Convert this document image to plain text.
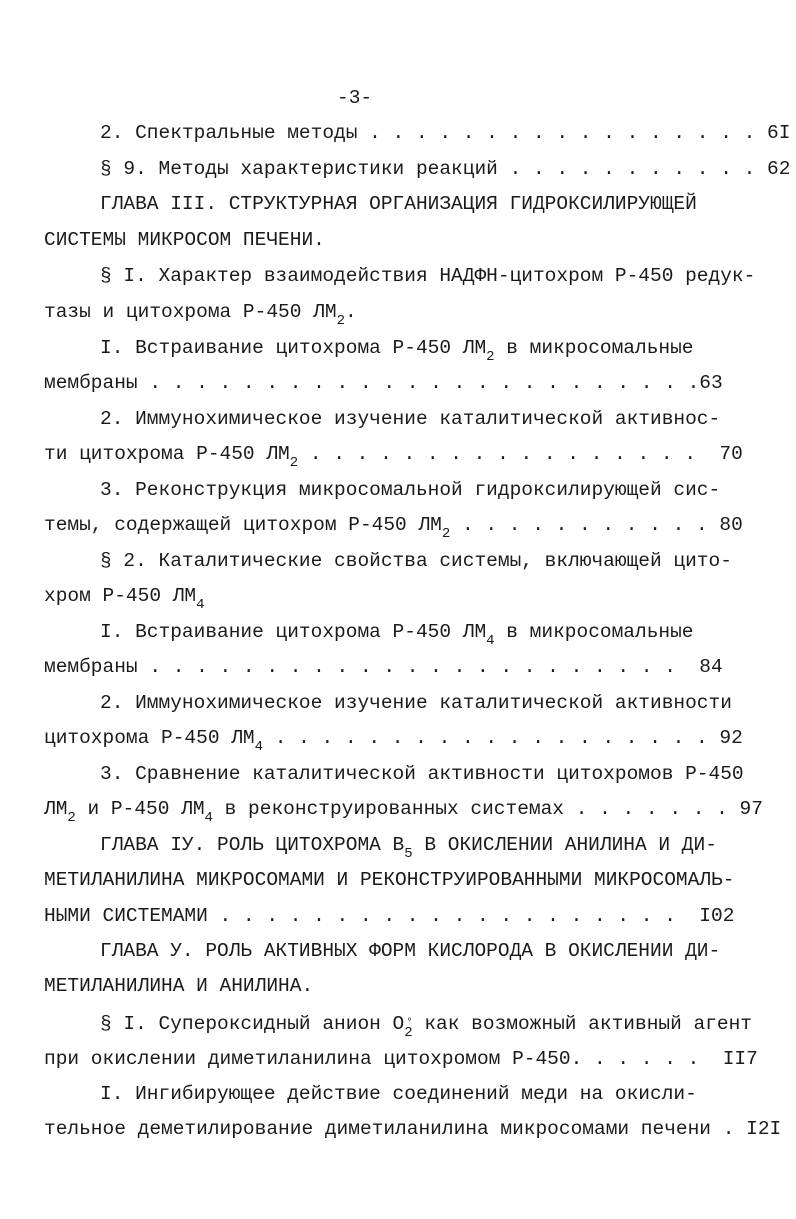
-3-
2. Спектральные методы . . . . . . . . . . . . . . . . . 6I
§ 9. Методы характеристики реакций . . . . . . . . . . . 62
ГЛАВА III. СТРУКТУРНАЯ ОРГАНИЗАЦИЯ ГИДРОКСИЛИРУЮЩЕЙ
СИСТЕМЫ МИКРОСОМ ПЕЧЕНИ.
§ I. Характер взаимодействия НАДФН-цитохром Р-450 редук-
тазы и цитохрома Р-450 $ЛМ_2$.
I. Встраивание цитохрома Р-450 $ЛМ_2$ в микросомальные
мембраны . . . . . . . . . . . . . . . . . . . . . . . .63
2. Иммунохимическое изучение каталитической активнос-
ти цитохрома Р-450 $ЛМ_2$ . . . . . . . . . . . . . . . . .  70
3. Реконструкция микросомальной гидроксилирующей сис-
темы, содержащей цитохром Р-450 $ЛМ_2$ . . . . . . . . . . . 80
§ 2. Каталитические свойства системы, включающей цито-
хром Р-450 $ЛМ_4$
I. Встраивание цитохрома Р-450 $ЛМ_4$ в микросомальные
мембраны . . . . . . . . . . . . . . . . . . . . . . .  84
2. Иммунохимическое изучение каталитической активности
цитохрома Р-450 $ЛМ_4$ . . . . . . . . . . . . . . . . . . . 92
3. Сравнение каталитической активности цитохромов Р-450
$ЛМ_2$ и Р-450 $ЛМ_4$ в реконструированных системах . . . . . . . 97
ГЛАВА IУ. РОЛЬ ЦИТОХРОМА $В_5$ В ОКИСЛЕНИИ АНИЛИНА И ДИ-
МЕТИЛАНИЛИНА МИКРОСОМАМИ И РЕКОНСТРУИРОВАННЫМИ МИКРОСОМАЛЬ-
НЫМИ СИСТЕМАМИ . . . . . . . . . . . . . . . . . . . .  I02
ГЛАВА У. РОЛЬ АКТИВНЫХ ФОРМ КИСЛОРОДА В ОКИСЛЕНИИ ДИ-
МЕТИЛАНИЛИНА И АНИЛИНА.
§ I. Супероксидный анион O° $_2$ как возможный активный агент
при окислении диметиланилина цитохромом Р-450. . . . . .  II7
I. Ингибирующее действие соединений меди на окисли-
тельное деметилирование диметиланилина микросомами печени . I2I
